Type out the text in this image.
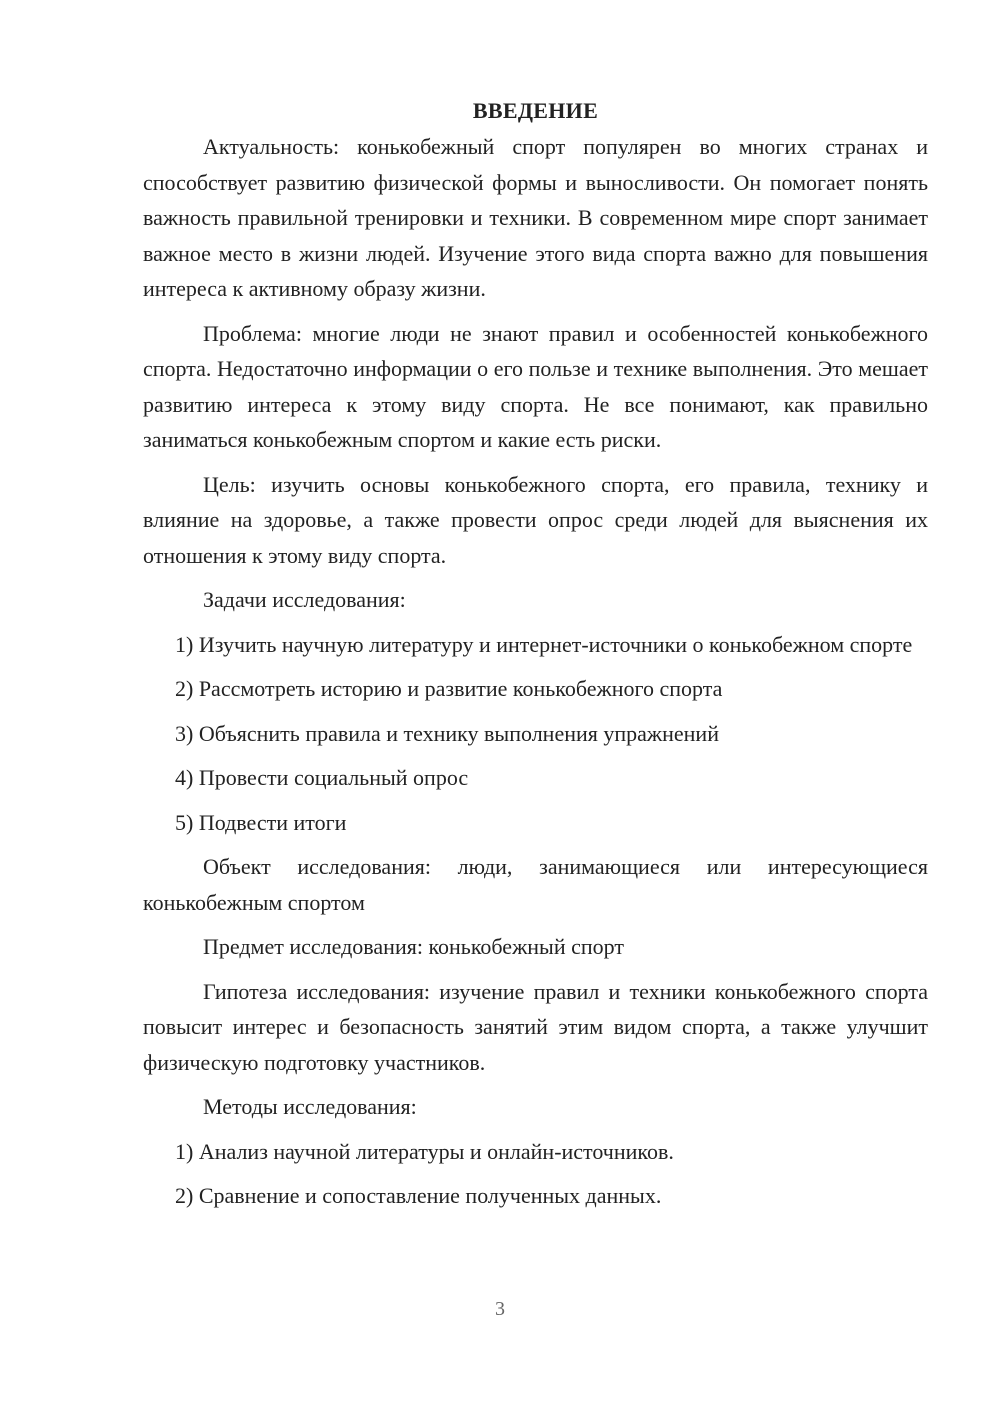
ВВЕДЕНИЕ

Актуальность: конькобежный спорт популярен во многих странах и способствует развитию физической формы и выносливости. Он помогает понять важность правильной тренировки и техники. В современном мире спорт занимает важное место в жизни людей. Изучение этого вида спорта важно для повышения интереса к активному образу жизни.

Проблема: многие люди не знают правил и особенностей конькобежного спорта. Недостаточно информации о его пользе и технике выполнения. Это мешает развитию интереса к этому виду спорта. Не все понимают, как правильно заниматься конькобежным спортом и какие есть риски.

Цель: изучить основы конькобежного спорта, его правила, технику и влияние на здоровье, а также провести опрос среди людей для выяснения их отношения к этому виду спорта.

Задачи исследования:

1) Изучить научную литературу и интернет-источники о конькобежном спорте

2) Рассмотреть историю и развитие конькобежного спорта

3) Объяснить правила и технику выполнения упражнений

4) Провести социальный опрос

5) Подвести итоги

Объект исследования: люди, занимающиеся или интересующиеся конькобежным спортом

Предмет исследования: конькобежный спорт

Гипотеза исследования: изучение правил и техники конькобежного спорта повысит интерес и безопасность занятий этим видом спорта, а также улучшит физическую подготовку участников.

Методы исследования:

1) Анализ научной литературы и онлайн-источников.

2) Сравнение и сопоставление полученных данных.

3
